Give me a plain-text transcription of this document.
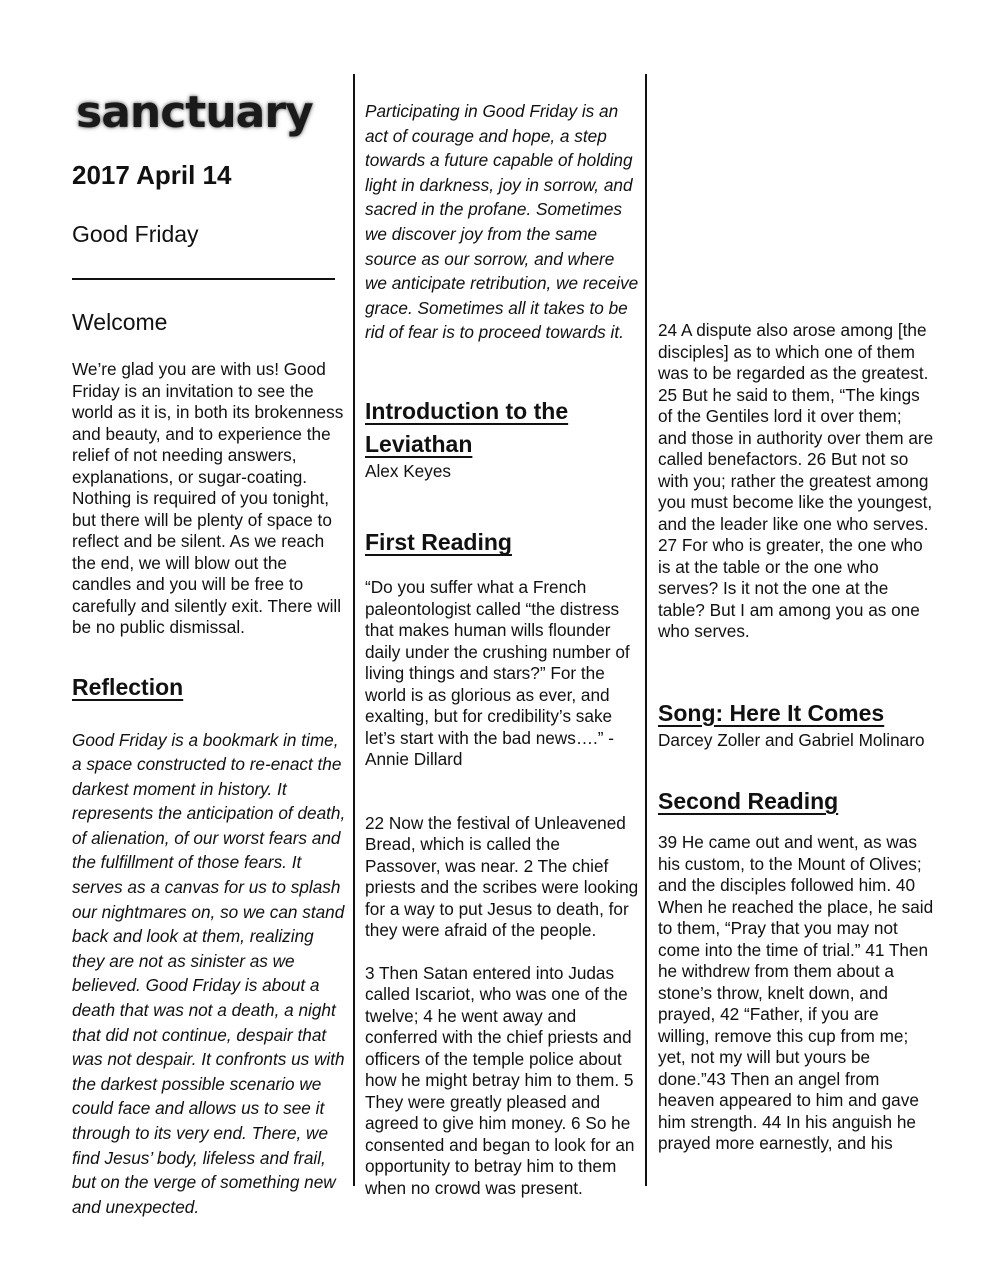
sanctuary
2017 April 14
Good Friday
Welcome

We’re glad you are with us! Good Friday is an invitation to see the world as it is, in both its brokenness and beauty, and to experience the relief of not needing answers, explanations, or sugar-coating. Nothing is required of you tonight, but there will be plenty of space to reflect and be silent. As we reach the end, we will blow out the candles and you will be free to carefully and silently exit. There will be no public dismissal.

Reflection

Good Friday is a bookmark in time, a space constructed to re-enact the darkest moment in history. It represents the anticipation of death, of alienation, of our worst fears and the fulfillment of those fears. It serves as a canvas for us to splash our nightmares on, so we can stand back and look at them, realizing they are not as sinister as we believed. Good Friday is about a death that was not a death, a night that did not continue, despair that was not despair. It confronts us with the darkest possible scenario we could face and allows us to see it through to its very end. There, we find Jesus’ body, lifeless and frail, but on the verge of something new and unexpected.

Participating in Good Friday is an act of courage and hope, a step towards a future capable of holding light in darkness, joy in sorrow, and sacred in the profane. Sometimes we discover joy from the same source as our sorrow, and where we anticipate retribution, we receive grace. Sometimes all it takes to be rid of fear is to proceed towards it.

Introduction to the Leviathan
Alex Keyes
First Reading

“Do you suffer what a French paleontologist called “the distress that makes human wills flounder daily under the crushing number of living things and stars?” For the world is as glorious as ever, and exalting, but for credibility’s sake let’s start with the bad news….” -Annie Dillard

22 Now the festival of Unleavened Bread, which is called the Passover, was near. 2 The chief priests and the scribes were looking for a way to put Jesus to death, for they were afraid of the people.

3 Then Satan entered into Judas called Iscariot, who was one of the twelve; 4 he went away and conferred with the chief priests and officers of the temple police about how he might betray him to them. 5 They were greatly pleased and agreed to give him money. 6 So he consented and began to look for an opportunity to betray him to them when no crowd was present.

24 A dispute also arose among [the disciples] as to which one of them was to be regarded as the greatest. 25 But he said to them, “The kings of the Gentiles lord it over them; and those in authority over them are called benefactors. 26 But not so with you; rather the greatest among you must become like the youngest, and the leader like one who serves. 27 For who is greater, the one who is at the table or the one who serves? Is it not the one at the table? But I am among you as one who serves.

Song: Here It Comes
Darcey Zoller and Gabriel Molinaro
Second Reading

39 He came out and went, as was his custom, to the Mount of Olives; and the disciples followed him. 40 When he reached the place, he said to them, “Pray that you may not come into the time of trial.” 41 Then he withdrew from them about a stone’s throw, knelt down, and prayed, 42 “Father, if you are willing, remove this cup from me; yet, not my will but yours be done.”43 Then an angel from heaven appeared to him and gave him strength. 44 In his anguish he prayed more earnestly, and his
